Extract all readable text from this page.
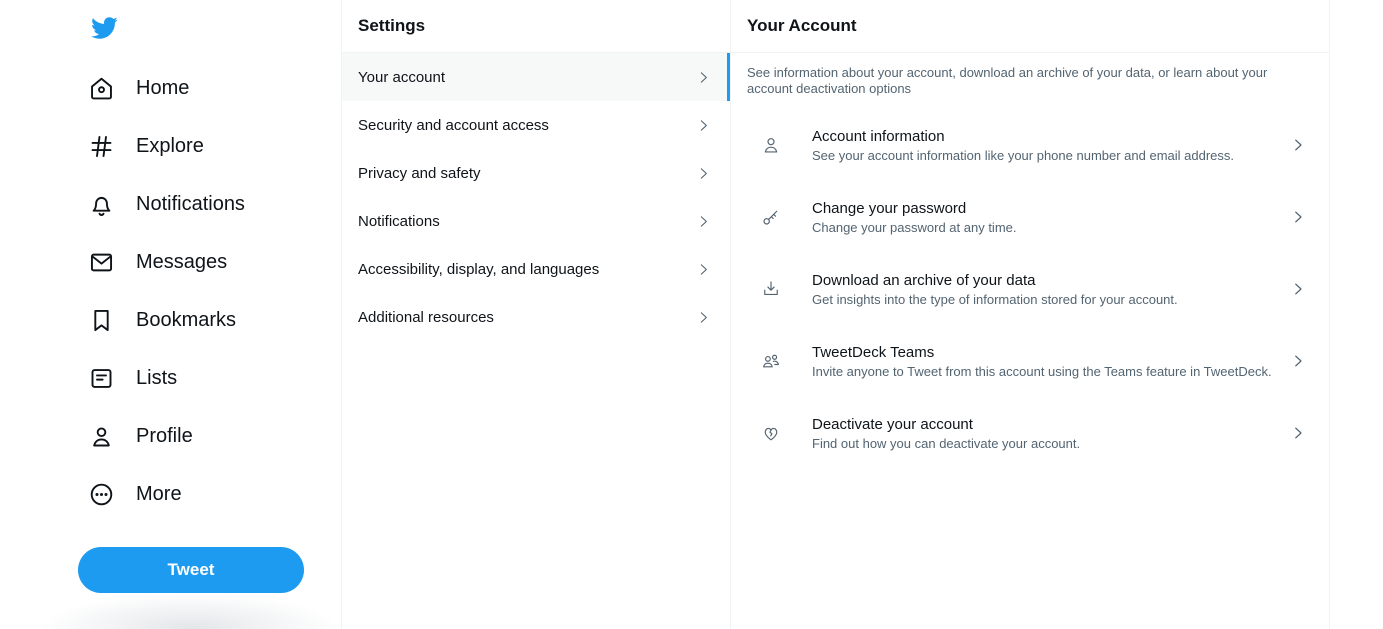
Home
Explore
Notifications
Messages
Bookmarks
Lists
Profile
More
Tweet
Settings
Your account
Security and account access
Privacy and safety
Notifications
Accessibility, display, and languages
Additional resources
Your Account
See information about your account, download an archive of your data, or learn about your account deactivation options
Account information
See your account information like your phone number and email address.
Change your password
Change your password at any time.
Download an archive of your data
Get insights into the type of information stored for your account.
TweetDeck Teams
Invite anyone to Tweet from this account using the Teams feature in TweetDeck.
Deactivate your account
Find out how you can deactivate your account.
